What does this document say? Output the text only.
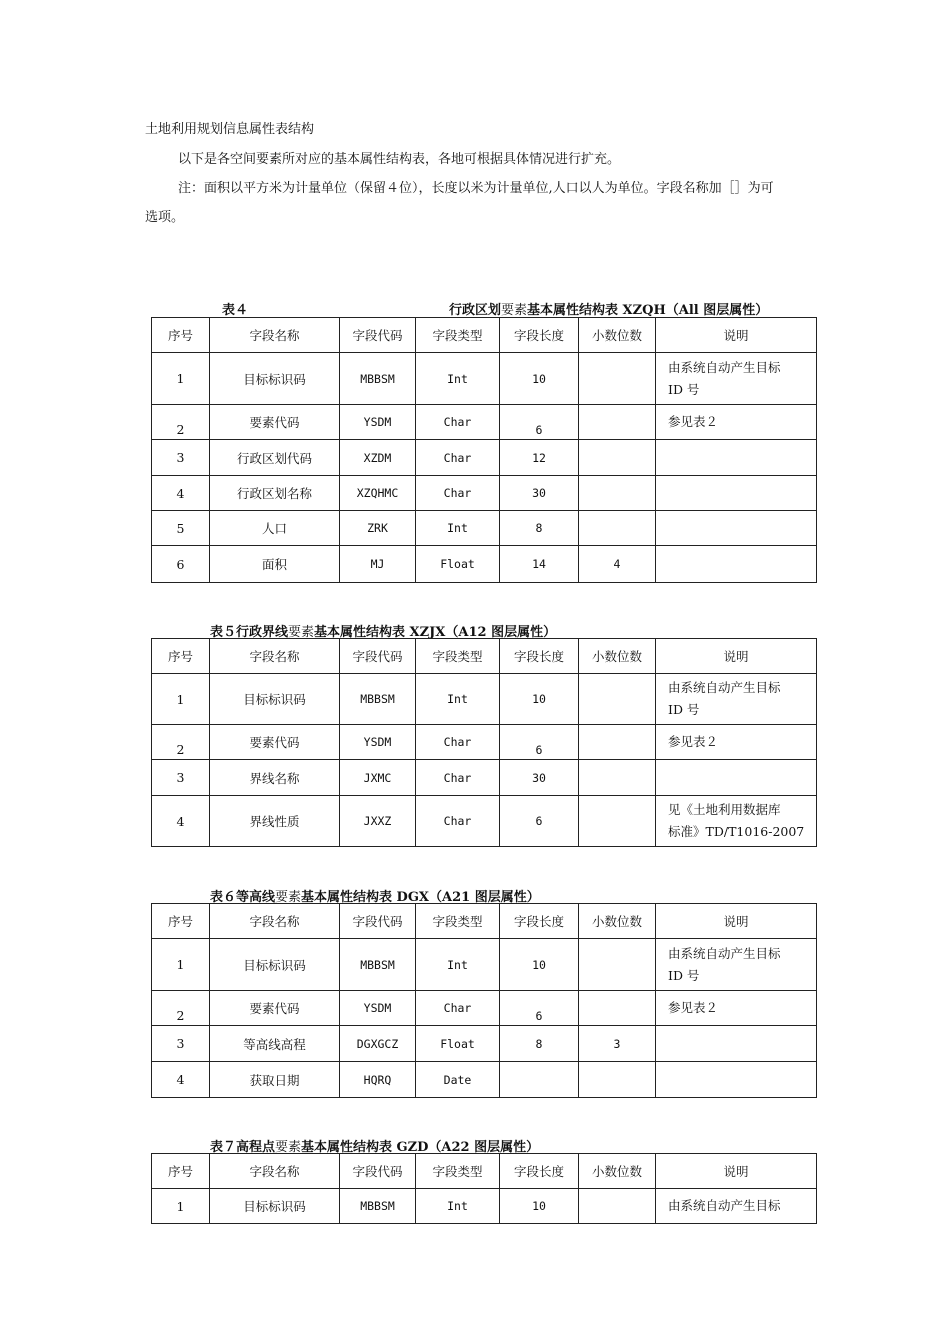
土地利用规划信息属性表结构
以下是各空间要素所对应的基本属性结构表，各地可根据具体情况进行扩充。
注：面积以平方米为计量单位（保留４位），长度以米为计量单位,人口以人为单位。字段名称加［］为可
选项。
表４	行政区划要素基本属性结构表 XZQH（All 图层属性）
序号	字段名称	字段代码	字段类型	字段长度	小数位数	说明
1	目标标识码	MBBSM	Int	10		由系统自动产生目标
ID 号
2	要素代码	YSDM	Char	6		参见表２
3	行政区划代码	XZDM	Char	12		
4	行政区划名称	XZQHMC	Char	30		
5	人口	ZRK	Int	8		
6	面积	MJ	Float	14	4	
表５行政界线要素基本属性结构表 XZJX（A12 图层属性）
序号	字段名称	字段代码	字段类型	字段长度	小数位数	说明
1	目标标识码	MBBSM	Int	10		由系统自动产生目标
ID 号
2	要素代码	YSDM	Char	6		参见表２
3	界线名称	JXMC	Char	30		
4	界线性质	JXXZ	Char	6		见《土地利用数据库
标准》TD/T1016-2007
表６等高线要素基本属性结构表 DGX（A21 图层属性）
序号	字段名称	字段代码	字段类型	字段长度	小数位数	说明
1	目标标识码	MBBSM	Int	10		由系统自动产生目标
ID 号
2	要素代码	YSDM	Char	6		参见表２
3	等高线高程	DGXGCZ	Float	8	3	
4	获取日期	HQRQ	Date			
表７高程点要素基本属性结构表 GZD（A22 图层属性）
序号	字段名称	字段代码	字段类型	字段长度	小数位数	说明
1	目标标识码	MBBSM	Int	10		由系统自动产生目标
